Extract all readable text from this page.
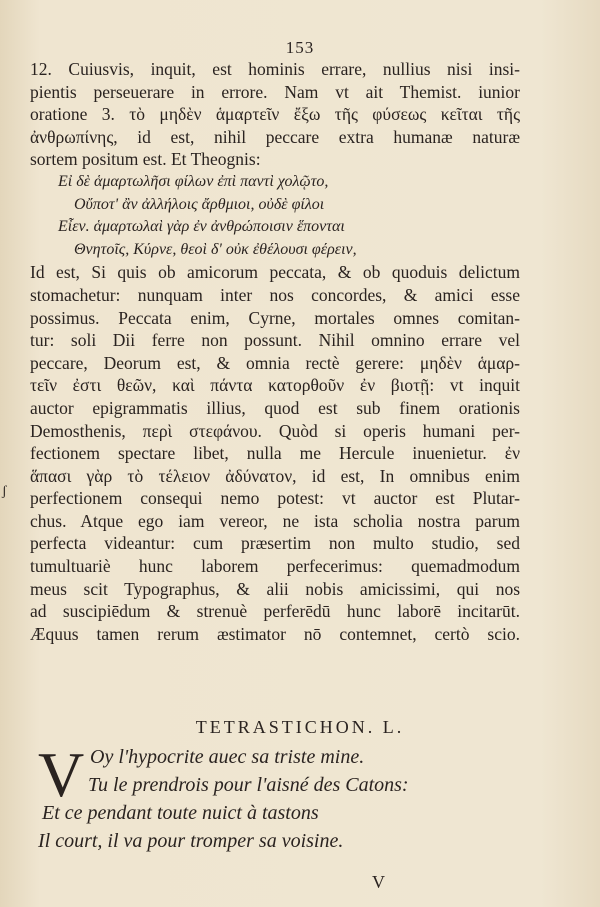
153
ʃ
12. Cuiusvis, inquit, est hominis errare, nullius nisi insi-
pientis perseuerare in errore. Nam vt ait Themist. iunior
oratione 3. τὸ μηδὲν ἁμαρτεῖν ἔξω τῆς φύσεως κεῖται τῆς
ἀνθρωπίνης, id est, nihil peccare extra humanæ naturæ
sortem positum est. Et Theognis:
Εἰ δὲ ἁμαρτωλῆσι φίλων ἐπὶ παντὶ χολῷτο,
Οὔποτ' ἂν ἀλλήλοις ἄρθμιοι, οὐδὲ φίλοι
Εἶεν. ἁμαρτωλαὶ γὰρ ἐν ἀνθρώποισιν ἕπονται
Θνητοῖς, Κύρνε, θεοὶ δ' οὐκ ἐθέλουσι φέρειν,
Id est, Si quis ob amicorum peccata, & ob quoduis delictum
stomachetur: nunquam inter nos concordes, & amici esse
possimus. Peccata enim, Cyrne, mortales omnes comitan-
tur: soli Dii ferre non possunt. Nihil omnino errare vel
peccare, Deorum est, & omnia rectè gerere: μηδὲν ἁμαρ-
τεῖν ἐστι θεῶν, καὶ πάντα κατορθοῦν ἐν βιοτῇ: vt inquit
auctor epigrammatis illius, quod est sub finem orationis
Demosthenis, περὶ στεφάνου. Quòd si operis humani per-
fectionem spectare libet, nulla me Hercule inuenietur. ἐν
ἅπασι γὰρ τὸ τέλειον ἀδύνατον, id est, In omnibus enim
perfectionem consequi nemo potest: vt auctor est Plutar-
chus. Atque ego iam vereor, ne ista scholia nostra parum
perfecta videantur: cum præsertim non multo studio, sed
tumultuariè hunc laborem perfecerimus: quemadmodum
meus scit Typographus, & alii nobis amicissimi, qui nos
ad suscipiēdum & strenuè perferēdū hunc laborē incitarūt.
Æquus tamen rerum æstimator nō contemnet, certò scio.
TETRASTICHON. L.
V Oy l'hypocrite auec sa triste mine.
Tu le prendrois pour l'aisné des Catons:
Et ce pendant toute nuict à tastons
Il court, il va pour tromper sa voisine.
V
